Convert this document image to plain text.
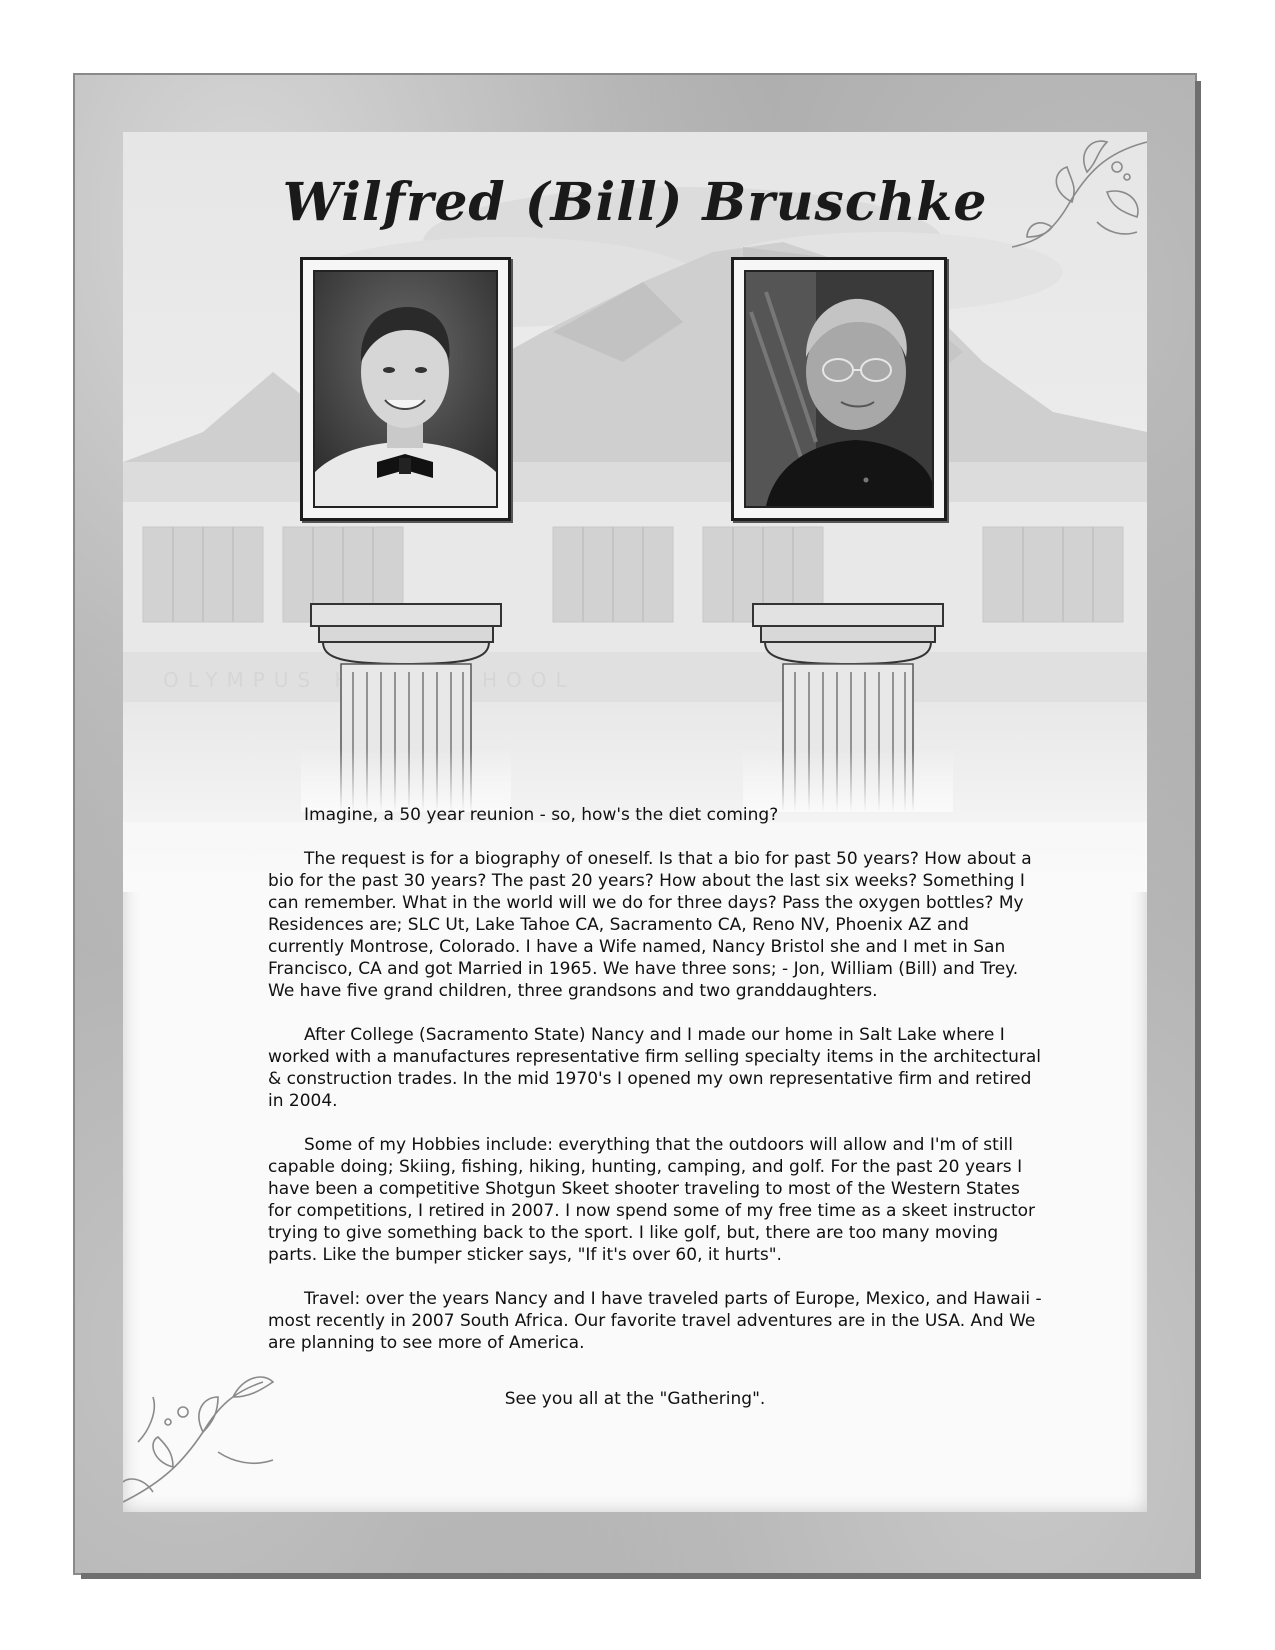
Wilfred (Bill) Bruschke

Imagine, a 50 year reunion - so, how's the diet coming?

The request is for a biography of oneself. Is that a bio for past 50 years? How about a bio for the past 30 years? The past 20 years? How about the last six weeks? Something I can remember. What in the world will we do for three days? Pass the oxygen bottles? My Residences are; SLC Ut, Lake Tahoe CA, Sacramento CA, Reno NV, Phoenix AZ and currently Montrose, Colorado. I have a Wife named, Nancy Bristol she and I met in San Francisco, CA and got Married in 1965. We have three sons; - Jon, William (Bill) and Trey. We have five grand children, three grandsons and two granddaughters.

After College (Sacramento State) Nancy and I made our home in Salt Lake where I worked with a manufactures representative firm selling specialty items in the architectural & construction trades. In the mid 1970's I opened my own representative firm and retired in 2004.

Some of my Hobbies include: everything that the outdoors will allow and I'm of still capable doing; Skiing, fishing, hiking, hunting, camping, and golf. For the past 20 years I have been a competitive Shotgun Skeet shooter traveling to most of the Western States for competitions, I retired in 2007. I now spend some of my free time as a skeet instructor trying to give something back to the sport. I like golf, but, there are too many moving parts. Like the bumper sticker says, "If it's over 60, it hurts".

Travel: over the years Nancy and I have traveled parts of Europe, Mexico, and Hawaii - most recently in 2007 South Africa. Our favorite travel adventures are in the USA. And We are planning to see more of America.

See you all at the "Gathering".
